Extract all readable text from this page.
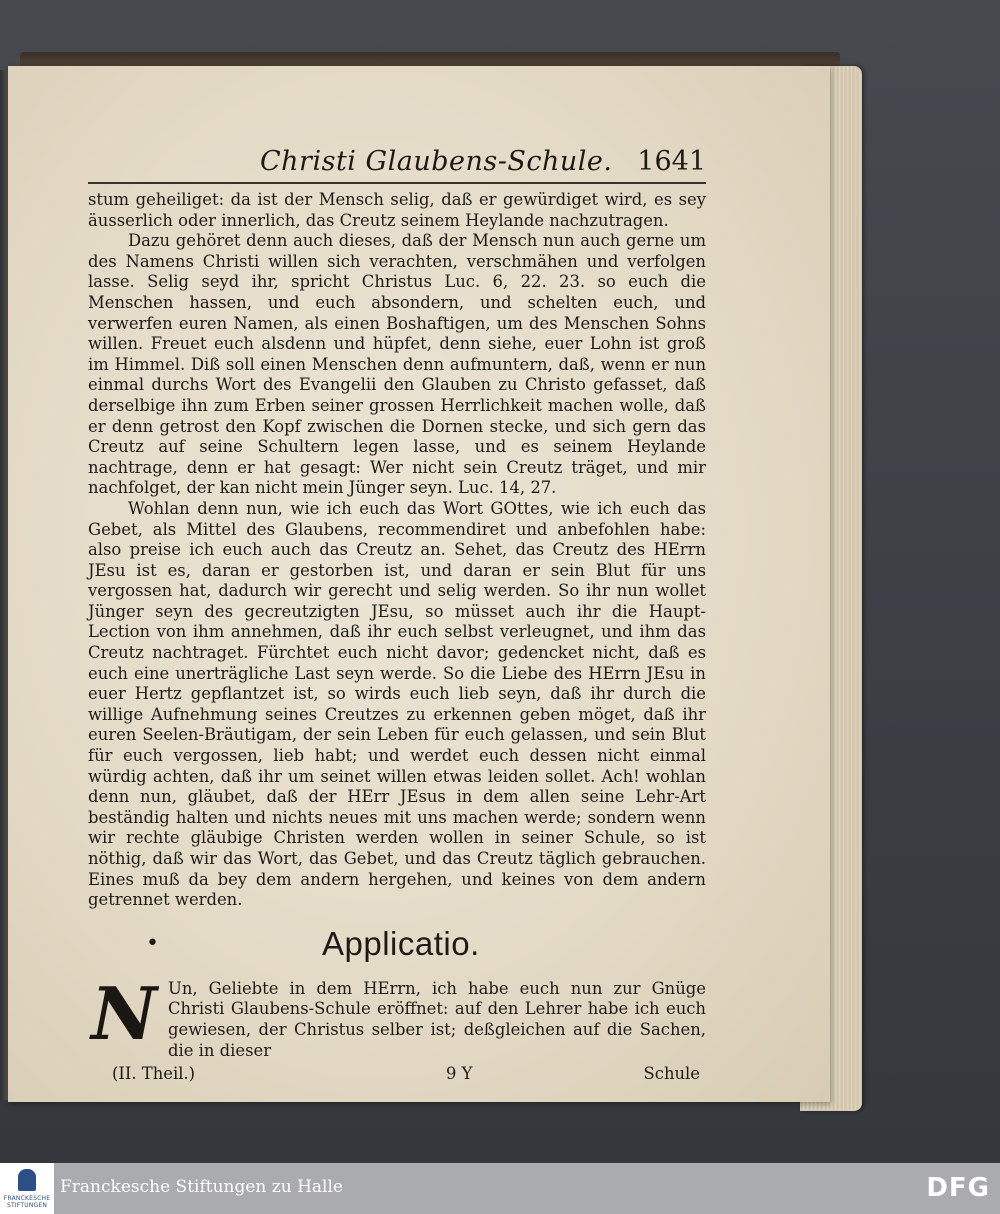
Christi Glaubens-Schule. 1641

stum geheiliget: da ist der Mensch selig, daß er gewürdiget wird, es sey äusserlich oder innerlich, das Creutz seinem Heylande nachzutragen.

Dazu gehöret denn auch dieses, daß der Mensch nun auch gerne um des Namens Christi willen sich verachten, verschmähen und verfolgen lasse. Selig seyd ihr, spricht Christus Luc. 6, 22. 23. so euch die Menschen hassen, und euch absondern, und schelten euch, und verwerfen euren Namen, als einen Boshaftigen, um des Menschen Sohns willen. Freuet euch alsdenn und hüpfet, denn siehe, euer Lohn ist groß im Himmel. Diß soll einen Menschen denn aufmuntern, daß, wenn er nun einmal durchs Wort des Evangelii den Glauben zu Christo gefasset, daß derselbige ihn zum Erben seiner grossen Herrlichkeit machen wolle, daß er denn getrost den Kopf zwischen die Dornen stecke, und sich gern das Creutz auf seine Schultern legen lasse, und es seinem Heylande nachtrage, denn er hat gesagt: Wer nicht sein Creutz träget, und mir nachfolget, der kan nicht mein Jünger seyn. Luc. 14, 27.

Wohlan denn nun, wie ich euch das Wort GOttes, wie ich euch das Gebet, als Mittel des Glaubens, recommendiret und anbefohlen habe: also preise ich euch auch das Creutz an. Sehet, das Creutz des HErrn JEsu ist es, daran er gestorben ist, und daran er sein Blut für uns vergossen hat, dadurch wir gerecht und selig werden. So ihr nun wollet Jünger seyn des gecreutzigten JEsu, so müsset auch ihr die Haupt-Lection von ihm annehmen, daß ihr euch selbst verleugnet, und ihm das Creutz nachtraget. Fürchtet euch nicht davor; gedencket nicht, daß es euch eine unerträgliche Last seyn werde. So die Liebe des HErrn JEsu in euer Hertz gepflantzet ist, so wirds euch lieb seyn, daß ihr durch die willige Aufnehmung seines Creutzes zu erkennen geben möget, daß ihr euren Seelen-Bräutigam, der sein Leben für euch gelassen, und sein Blut für euch vergossen, lieb habt; und werdet euch dessen nicht einmal würdig achten, daß ihr um seinet willen etwas leiden sollet. Ach! wohlan denn nun, gläubet, daß der HErr JEsus in dem allen seine Lehr-Art beständig halten und nichts neues mit uns machen werde; sondern wenn wir rechte gläubige Christen werden wollen in seiner Schule, so ist nöthig, daß wir das Wort, das Gebet, und das Creutz täglich gebrauchen. Eines muß da bey dem andern hergehen, und keines von dem andern getrennet werden.

•	Applicatio.
N Un, Geliebte in dem HErrn, ich habe euch nun zur Gnüge Christi Glaubens-Schule eröffnet: auf den Lehrer habe ich euch gewiesen, der Christus selber ist; deßgleichen auf die Sachen, die in dieser

(II. Theil.)	9 Y	Schule
FRANCKESCHE STIFTUNGEN
Franckesche Stiftungen zu Halle	DFG
